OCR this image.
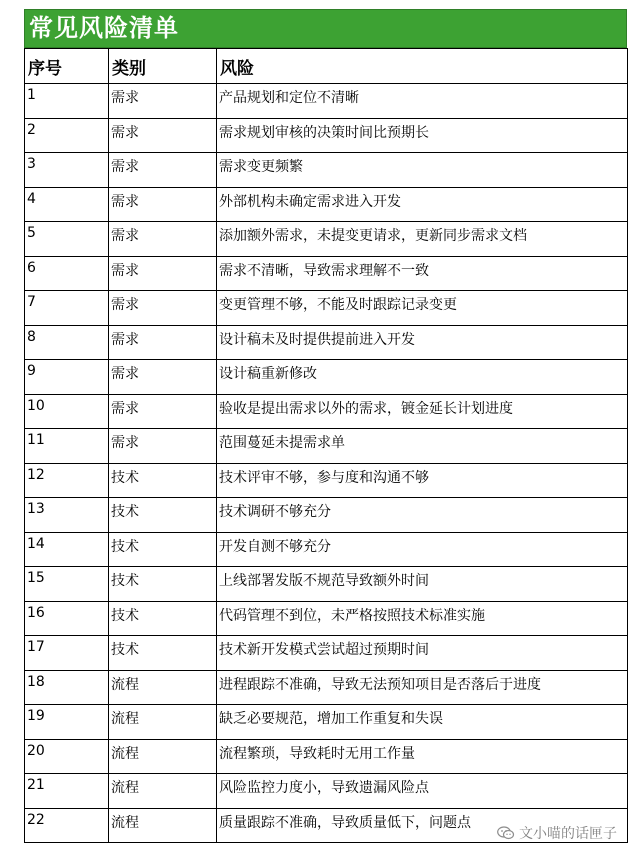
常见风险清单
序号	类别	风险
1	需求	产品规划和定位不清晰
2	需求	需求规划审核的决策时间比预期长
3	需求	需求变更频繁
4	需求	外部机构未确定需求进入开发
5	需求	添加额外需求，未提变更请求，更新同步需求文档
6	需求	需求不清晰，导致需求理解不一致
7	需求	变更管理不够，不能及时跟踪记录变更
8	需求	设计稿未及时提供提前进入开发
9	需求	设计稿重新修改
10	需求	验收是提出需求以外的需求，镀金延长计划进度
11	需求	范围蔓延未提需求单
12	技术	技术评审不够，参与度和沟通不够
13	技术	技术调研不够充分
14	技术	开发自测不够充分
15	技术	上线部署发版不规范导致额外时间
16	技术	代码管理不到位，未严格按照技术标准实施
17	技术	技术新开发模式尝试超过预期时间
18	流程	进程跟踪不准确，导致无法预知项目是否落后于进度
19	流程	缺乏必要规范，增加工作重复和失误
20	流程	流程繁琐，导致耗时无用工作量
21	流程	风险监控力度小，导致遗漏风险点
22	流程	质量跟踪不准确，导致质量低下，问题点
文小喵的话匣子
